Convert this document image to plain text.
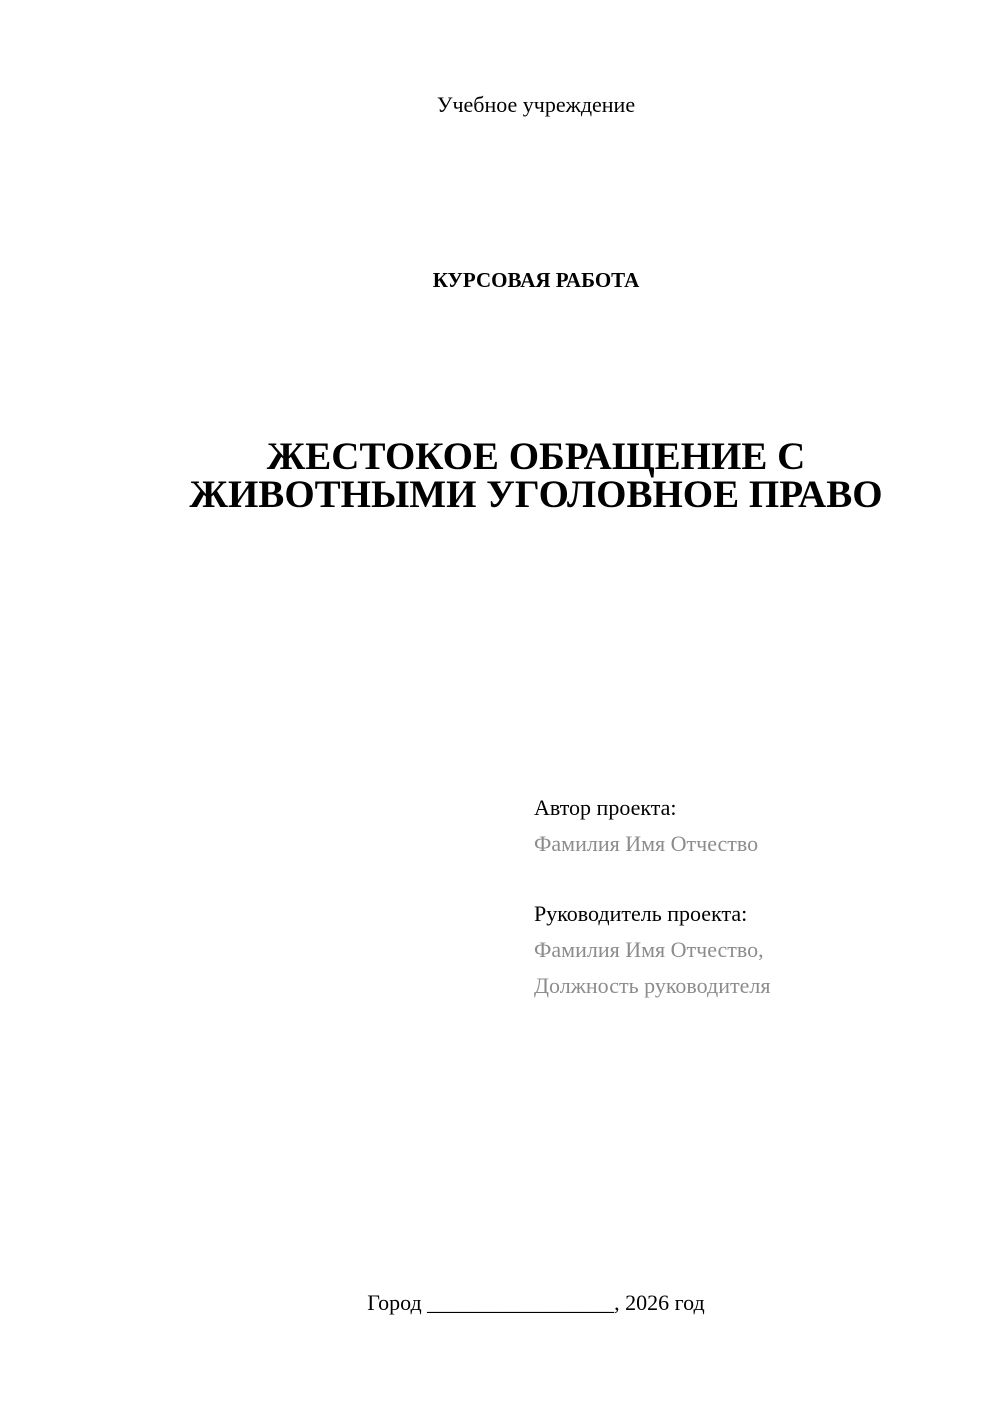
Учебное учреждение
КУРСОВАЯ РАБОТА
ЖЕСТОКОЕ ОБРАЩЕНИЕ С
ЖИВОТНЫМИ УГОЛОВНОЕ ПРАВО
Автор проекта:
Фамилия Имя Отчество
Руководитель проекта:
Фамилия Имя Отчество,
Должность руководителя
Город _________________, 2026 год
